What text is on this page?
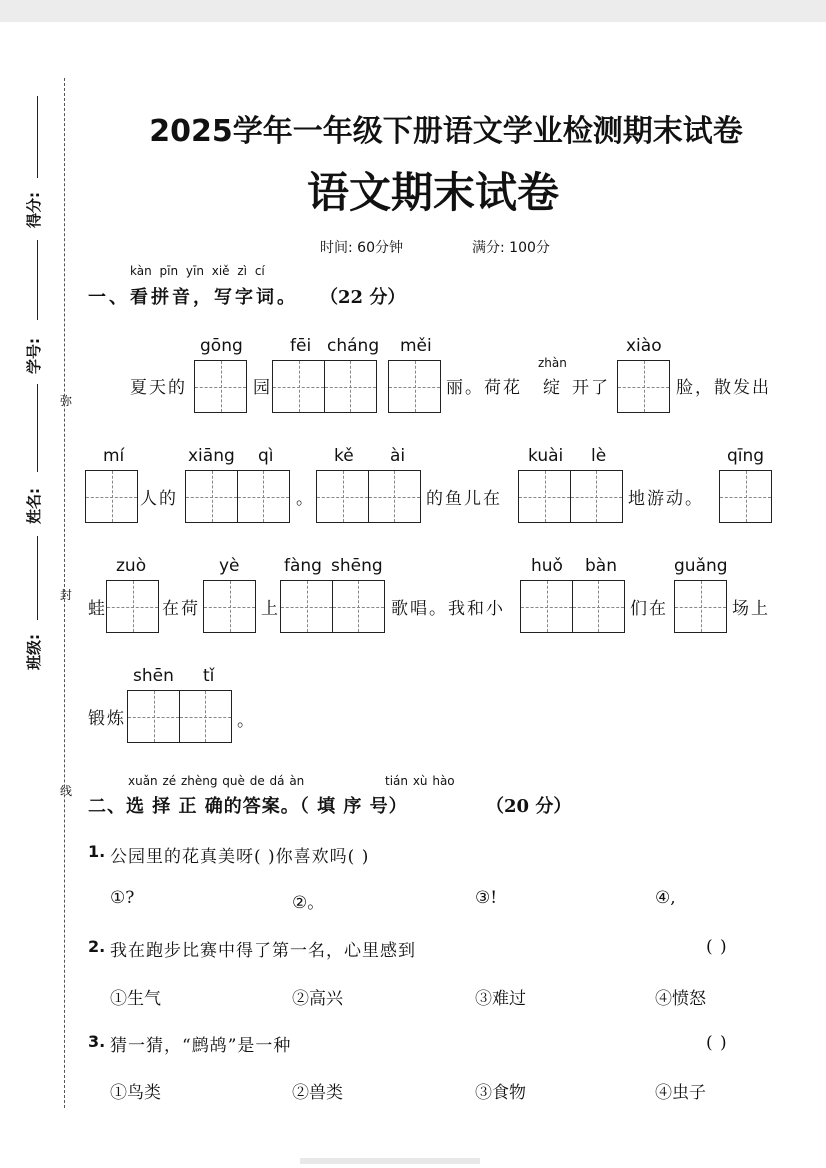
得分:
学号:
姓名:
班级:
弥
封
线
2025学年一年级下册语文学业检测期末试卷
语文期末试卷
时间: 60分钟	满分: 100分
kàn pīn yīn xiě zì cí
一、看拼音，写字词。 （22 分）
夏天的
gōng
园
fēi cháng měi
丽。荷花
zhàn
绽 开了
xiào
脸，散发出
mí
人的
xiāng qì
。
kě ài
的鱼儿在
kuài lè
地游动。
qīng
蛙
zuò
在荷
yè
上
fàng shēng
歌唱。我和小
huǒ bàn
们在
guǎng
场上
锻炼
shēn tǐ
。
xuǎn zé zhèng què de dá àn	tián xù hào
二、选 择 正 确的答案。（ 填 序 号）	（20 分）
1. 公园里的花真美呀( )你喜欢吗( )
①?	②。	③!	④,
2. 我在跑步比赛中得了第一名，心里感到	( )
①生气	②高兴	③难过	④愤怒
3. 猜一猜，“鹧鸪”是一种	( )
①鸟类	②兽类	③食物	④虫子
